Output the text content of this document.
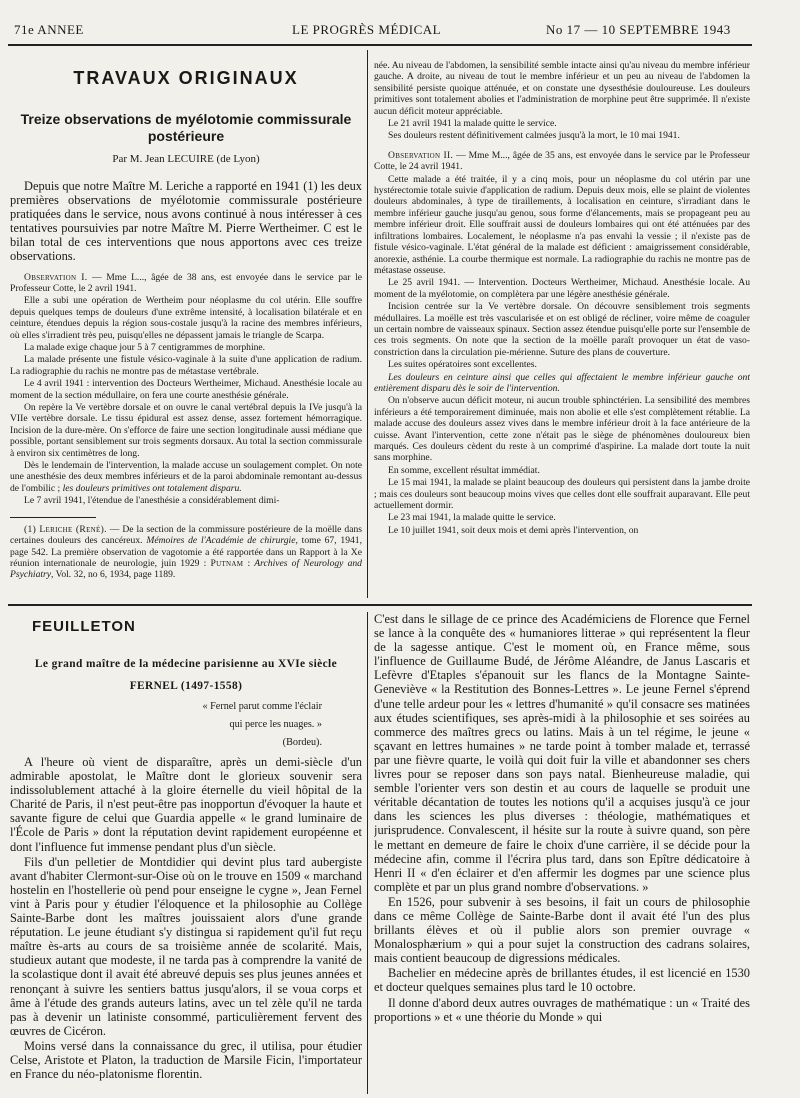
71e ANNEE	LE PROGRÈS MÉDICAL	No 17 — 10 SEPTEMBRE 1943
TRAVAUX ORIGINAUX
Treize observations de myélotomie commissurale postérieure
Par M. Jean LECUIRE (de Lyon)

Depuis que notre Maître M. Leriche a rapporté en 1941 (1) les deux premières observations de myélotomie commissurale postérieure pratiquées dans le service, nous avons continué à nous intéresser à ces tentatives poursuivies par notre Maître M. Pierre Wertheimer. C est le bilan total de ces interventions que nous apportons avec ces treize observations.

Observation I. — Mme L..., âgée de 38 ans, est envoyée dans le service par le Professeur Cotte, le 2 avril 1941.

Elle a subi une opération de Wertheim pour néoplasme du col utérin. Elle souffre depuis quelques temps de douleurs d'une extrême intensité, à localisation bilatérale et en ceinture, étendues depuis la région sous-costale jusqu'à la racine des membres inférieurs, où elles s'irradient très peu, puisqu'elles ne dépassent jamais le triangle de Scarpa.

La malade exige chaque jour 5 à 7 centigrammes de morphine.

La malade présente une fistule vésico-vaginale à la suite d'une application de radium. La radiographie du rachis ne montre pas de métastase vertébrale.

Le 4 avril 1941 : intervention des Docteurs Wertheimer, Michaud. Anesthésie locale au moment de la section médullaire, on fera une courte anesthésie générale.

On repère la Ve vertèbre dorsale et on ouvre le canal vertébral depuis la IVe jusqu'à la VIIe vertèbre dorsale. Le tissu épidural est assez dense, assez fortement hémorragique. Incision de la dure-mère. On s'efforce de faire une section longitudinale aussi médiane que possible, portant sensiblement sur trois segments dorsaux. Au total la section commissurale à environ six centimètres de long.

Dès le lendemain de l'intervention, la malade accuse un soulagement complet. On note une anesthésie des deux membres inférieurs et de la paroi abdominale remontant au-dessus de l'ombilic ; les douleurs primitives ont totalement disparu.

Le 7 avril 1941, l'étendue de l'anesthésie a considérablement dimi-

(1) Leriche (René). — De la section de la commissure postérieure de la moëlle dans certaines douleurs des cancéreux. Mémoires de l'Académie de chirurgie, tome 67, 1941, page 542. La première observation de vagotomie a été rapportée dans un Rapport à la Xe réunion internationale de neurologie, juin 1929 : Putnam : Archives of Neurology and Psychiatry, Vol. 32, no 6, 1934, page 1189.

née. Au niveau de l'abdomen, la sensibilité semble intacte ainsi qu'au niveau du membre inférieur gauche. A droite, au niveau de tout le membre inférieur et un peu au niveau de l'abdomen la sensibilité persiste quoique atténuée, et on constate une dysesthésie douloureuse. Les douleurs primitives sont totalement abolies et l'administration de morphine peut être supprimée. Il n'existe aucun déficit moteur appréciable.

Le 21 avril 1941 la malade quitte le service.

Ses douleurs restent définitivement calmées jusqu'à la mort, le 10 mai 1941.

Observation II. — Mme M..., âgée de 35 ans, est envoyée dans le service par le Professeur Cotte, le 24 avril 1941.

Cette malade a été traitée, il y a cinq mois, pour un néoplasme du col utérin par une hystérectomie totale suivie d'application de radium. Depuis deux mois, elle se plaint de violentes douleurs abdominales, à type de tiraillements, à localisation en ceinture, s'irradiant dans le membre inférieur gauche jusqu'au genou, sous forme d'élancements, mais se propageant peu au membre inférieur droit. Elle souffrait aussi de douleurs lombaires qui ont été atténuées par des infiltrations lombaires. Localement, le néoplasme n'a pas envahi la vessie ; il n'existe pas de fistule vésico-vaginale. L'état général de la malade est déficient : amaigrissement considérable, anorexie, asthénie. La courbe thermique est normale. La radiographie du rachis ne montre pas de métastase osseuse.

Le 25 avril 1941. — Intervention. Docteurs Wertheimer, Michaud. Anesthésie locale. Au moment de la myélotomie, on complètera par une légère anesthésie générale.

Incision centrée sur la Ve vertèbre dorsale. On découvre sensiblement trois segments médullaires. La moëlle est très vascularisée et on est obligé de récliner, voire même de coaguler un certain nombre de vaisseaux spinaux. Section assez étendue puisqu'elle porte sur l'ensemble de ces trois segments. On note que la section de la moëlle paraît provoquer un état de vaso-constriction dans la circulation pie-mérienne. Suture des plans de couverture.

Les suites opératoires sont excellentes.

Les douleurs en ceinture ainsi que celles qui affectaient le membre inférieur gauche ont entièrement disparu dès le soir de l'intervention.

On n'observe aucun déficit moteur, ni aucun trouble sphinctérien. La sensibilité des membres inférieurs a été temporairement diminuée, mais non abolie et elle s'est complètement rétablie. La malade accuse des douleurs assez vives dans le membre inférieur droit à la face antérieure de la cuisse. Avant l'intervention, cette zone n'était pas le siège de phénomènes douloureux bien marqués. Ces douleurs cèdent du reste à un comprimé d'aspirine. La malade dort toute la nuit sans morphine.

En somme, excellent résultat immédiat.

Le 15 mai 1941, la malade se plaint beaucoup des douleurs qui persistent dans la jambe droite ; mais ces douleurs sont beaucoup moins vives que celles dont elle souffrait auparavant. Elle peut actuellement dormir.

Le 23 mai 1941, la malade quitte le service.

Le 10 juillet 1941, soit deux mois et demi après l'intervention, on

FEUILLETON
Le grand maître de la médecine parisienne au XVIe siècle
FERNEL (1497-1558)
« Fernel parut comme l'éclair
qui perce les nuages. »
(Bordeu).

A l'heure où vient de disparaître, après un demi-siècle d'un admirable apostolat, le Maître dont le glorieux souvenir sera indissolublement attaché à la gloire éternelle du vieil hôpital de la Charité de Paris, il n'est peut-être pas inopportun d'évoquer la haute et savante figure de celui que Guardia appelle « le grand luminaire de l'École de Paris » dont la réputation devint rapidement européenne et dont l'influence fut immense pendant plus d'un siècle.

Fils d'un pelletier de Montdidier qui devint plus tard aubergiste avant d'habiter Clermont-sur-Oise où on le trouve en 1509 « marchand hostelin en l'hostellerie où pend pour enseigne le cygne », Jean Fernel vint à Paris pour y étudier l'éloquence et la philosophie au Collège Sainte-Barbe dont les maîtres jouissaient alors d'une grande réputation. Le jeune étudiant s'y distingua si rapidement qu'il fut reçu maître ès-arts au cours de sa troisième année de scolarité. Mais, studieux autant que modeste, il ne tarda pas à comprendre la vanité de la scolastique dont il avait été abreuvé depuis ses plus jeunes années et renonçant à suivre les sentiers battus jusqu'alors, il se voua corps et âme à l'étude des grands auteurs latins, avec un tel zèle qu'il ne tarda pas à devenir un latiniste consommé, particulièrement fervent des œuvres de Cicéron.

Moins versé dans la connaissance du grec, il utilisa, pour étudier Celse, Aristote et Platon, la traduction de Marsile Ficin, l'importateur en France du néo-platonisme florentin.

C'est dans le sillage de ce prince des Académiciens de Florence que Fernel se lance à la conquête des « humaniores litterae » qui représentent la fleur de la sagesse antique. C'est le moment où, en France même, sous l'influence de Guillaume Budé, de Jérôme Aléandre, de Janus Lascaris et Lefèvre d'Etaples s'épanouit sur les flancs de la Montagne Sainte-Geneviève « la Restitution des Bonnes-Lettres ». Le jeune Fernel s'éprend d'une telle ardeur pour les « lettres d'humanité » qu'il consacre ses matinées aux études scientifiques, ses après-midi à la philosophie et ses soirées au commerce des maîtres grecs ou latins. Mais à un tel régime, le jeune « sçavant en lettres humaines » ne tarde point à tomber malade et, terrassé par une fièvre quarte, le voilà qui doit fuir la ville et abandonner ses chers livres pour se reposer dans son pays natal. Bienheureuse maladie, qui semble l'orienter vers son destin et au cours de laquelle se produit une véritable décantation de toutes les notions qu'il a acquises jusqu'à ce jour dans les sciences les plus diverses : théologie, mathématiques et jurisprudence. Convalescent, il hésite sur la route à suivre quand, son père le mettant en demeure de faire le choix d'une carrière, il se décide pour la médecine afin, comme il l'écrira plus tard, dans son Epître dédicatoire à Henri II « d'en éclairer et d'en affermir les dogmes par une science plus complète et par un plus grand nombre d'observations. »

En 1526, pour subvenir à ses besoins, il fait un cours de philosophie dans ce même Collège de Sainte-Barbe dont il avait été l'un des plus brillants élèves et où il publie alors son premier ouvrage « Monalosphærium » qui a pour sujet la construction des cadrans solaires, mais contient beaucoup de digressions médicales.

Bachelier en médecine après de brillantes études, il est licencié en 1530 et docteur quelques semaines plus tard le 10 octobre.

Il donne d'abord deux autres ouvrages de mathématique : un « Traité des proportions » et « une théorie du Monde » qui
